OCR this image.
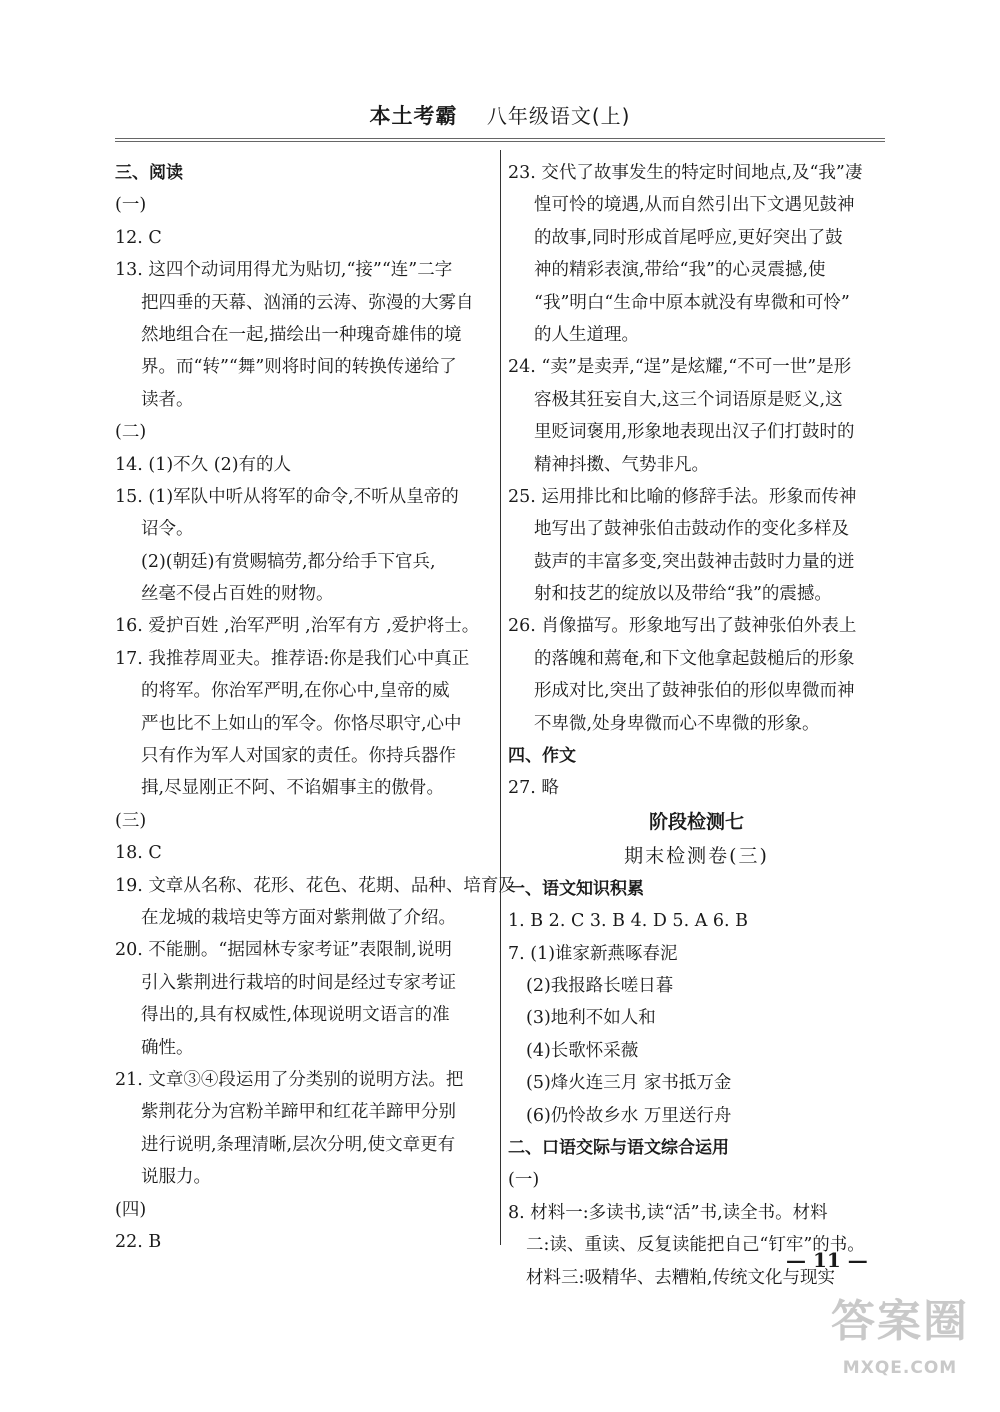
本土考霸 八年级语文(上)
三、阅读
(一)
12. C
13. 这四个动词用得尤为贴切,“接”“连”二字
把四垂的天幕、汹涌的云涛、弥漫的大雾自
然地组合在一起,描绘出一种瑰奇雄伟的境
界。而“转”“舞”则将时间的转换传递给了
读者。
(二)
14. (1)不久 (2)有的人
15. (1)军队中听从将军的命令,不听从皇帝的
诏令。
(2)(朝廷)有赏赐犒劳,都分给手下官兵,
丝毫不侵占百姓的财物。
16. 爱护百姓 ,治军严明 ,治军有方 ,爱护将士。
17. 我推荐周亚夫。推荐语:你是我们心中真正
的将军。你治军严明,在你心中,皇帝的威
严也比不上如山的军令。你恪尽职守,心中
只有作为军人对国家的责任。你持兵器作
揖,尽显刚正不阿、不谄媚事主的傲骨。
(三)
18. C
19. 文章从名称、花形、花色、花期、品种、培育及
在龙城的栽培史等方面对紫荆做了介绍。
20. 不能删。“据园林专家考证”表限制,说明
引入紫荆进行栽培的时间是经过专家考证
得出的,具有权威性,体现说明文语言的准
确性。
21. 文章③④段运用了分类别的说明方法。把
紫荆花分为宫粉羊蹄甲和红花羊蹄甲分别
进行说明,条理清晰,层次分明,使文章更有
说服力。
(四)
22. B
23. 交代了故事发生的特定时间地点,及“我”凄
惶可怜的境遇,从而自然引出下文遇见鼓神
的故事,同时形成首尾呼应,更好突出了鼓
神的精彩表演,带给“我”的心灵震撼,使
“我”明白“生命中原本就没有卑微和可怜”
的人生道理。
24. “卖”是卖弄,“逞”是炫耀,“不可一世”是形
容极其狂妄自大,这三个词语原是贬义,这
里贬词褒用,形象地表现出汉子们打鼓时的
精神抖擞、气势非凡。
25. 运用排比和比喻的修辞手法。形象而传神
地写出了鼓神张伯击鼓动作的变化多样及
鼓声的丰富多变,突出鼓神击鼓时力量的迸
射和技艺的绽放以及带给“我”的震撼。
26. 肖像描写。形象地写出了鼓神张伯外表上
的落魄和蔫奄,和下文他拿起鼓槌后的形象
形成对比,突出了鼓神张伯的形似卑微而神
不卑微,处身卑微而心不卑微的形象。
四、作文
27. 略
阶段检测七
期末检测卷(三)
一、语文知识积累
1. B 2. C 3. B 4. D 5. A 6. B
7. (1)谁家新燕啄春泥
(2)我报路长嗟日暮
(3)地利不如人和
(4)长歌怀采薇
(5)烽火连三月 家书抵万金
(6)仍怜故乡水 万里送行舟
二、口语交际与语文综合运用
(一)
8. 材料一:多读书,读“活”书,读全书。材料
二:读、重读、反复读能把自己“钉牢”的书。
材料三:吸精华、去糟粕,传统文化与现实
— 11 —
答案圈
MXQE.COM
